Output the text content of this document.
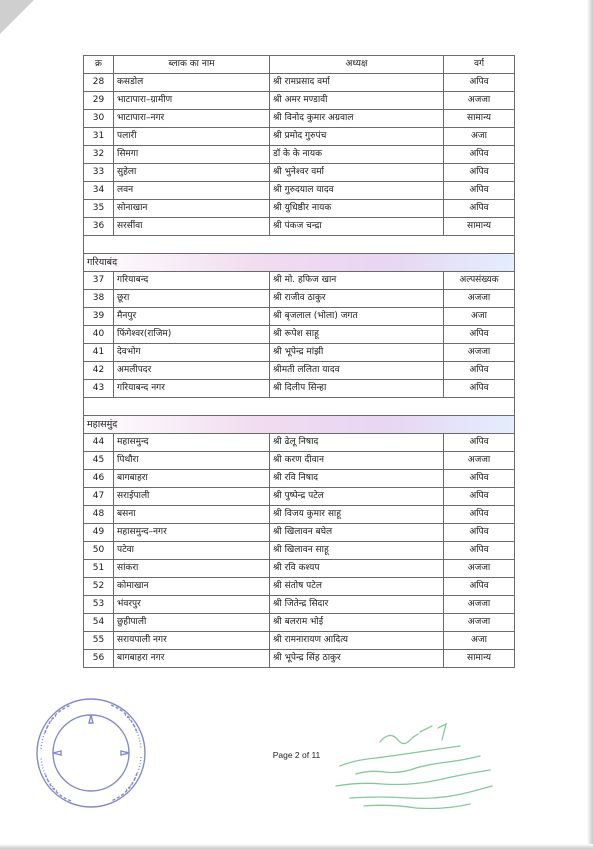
क्र	ब्लाक का नाम	अध्यक्ष	वर्ग
28	कसडोल	श्री रामप्रसाद वर्मा	अपिव
29	भाटापारा–ग्रामीण	श्री अमर मण्डावी	अजजा
30	भाटापारा–नगर	श्री विनोद कुमार अग्रवाल	सामान्य
31	पलारी	श्री प्रमोद गुरुपंच	अजा
32	सिमगा	डॉ के के नायक	अपिव
33	सुहेला	श्री भुनेश्वर वर्मा	अपिव
34	लवन	श्री गुरुदयाल यादव	अपिव
35	सोनाखान	श्री युधिष्ठीर नायक	अपिव
36	सरसींवा	श्री पंकज चन्द्रा	सामान्य

गरियाबंद			
37	गरियाबन्द	श्री मो. हफिज खान	अल्पसंख्यक
38	छूरा	श्री राजीव ठाकुर	अजजा
39	मैनपुर	श्री बृजलाल (भोला) जगत	अजा
40	फिंगेश्वर(राजिम)	श्री रूपेश साहू	अपिव
41	देवभोग	श्री भूपेन्द्र मांझी	अजजा
42	अमलीपदर	श्रीमती ललिता यादव	अपिव
43	गरियाबन्द नगर	श्री दिलीप सिन्हा	अपिव

महासमुंद			
44	महासमुन्द	श्री ढेलू निषाद	अपिव
45	पिथौरा	श्री करण दीवान	अजजा
46	बागबाहरा	श्री रवि निषाद	अपिव
47	सराईपाली	श्री पुष्पेन्द्र पटेल	अपिव
48	बसना	श्री विजय कुमार साहू	अपिव
49	महासमुन्द–नगर	श्री खिलावन बघेल	अपिव
50	पटेवा	श्री खिलावन साहू	अपिव
51	सांकरा	श्री रवि कश्यप	अजजा
52	कोमाखान	श्री संतोष पटेल	अपिव
53	भंवरपुर	श्री जितेन्द्र सिदार	अजजा
54	छुहीपाली	श्री बलराम भोई	अजजा
55	सरायपाली नगर	श्री रामनारायण आदित्य	अजा
56	बागबाहरा नगर	श्री भूपेन्द्र सिंह ठाकुर	सामान्य
Page 2 of 11
